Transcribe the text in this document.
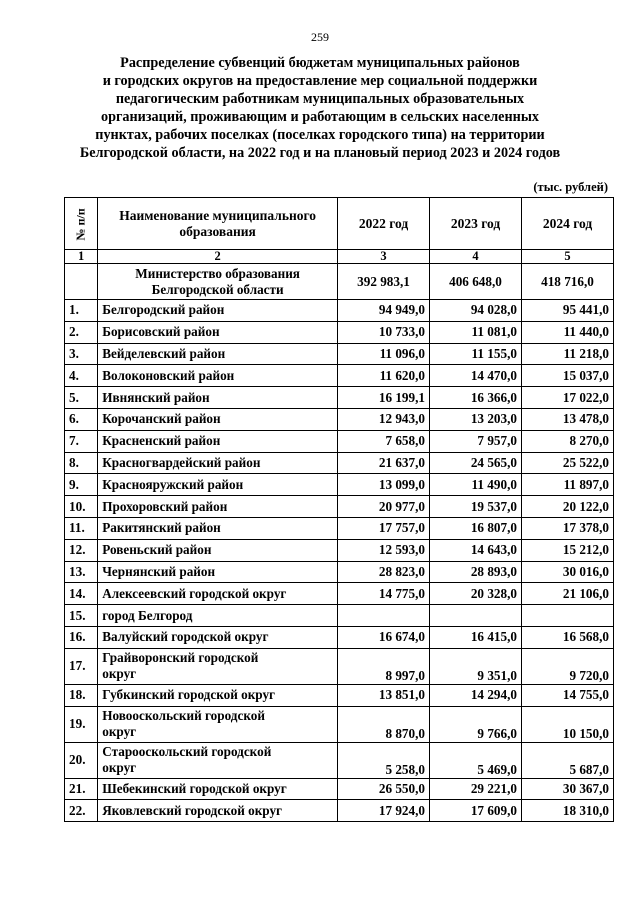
259
Распределение субвенций бюджетам муниципальных районов
и городских округов на предоставление мер социальной поддержки
педагогическим работникам муниципальных образовательных
организаций, проживающим и работающим в сельских населенных
пунктах, рабочих поселках (поселках городского типа) на территории
Белгородской области, на 2022 год и на плановый период 2023 и 2024 годов
(тыс. рублей)
№ п/п	Наименование муниципального
образования	2022 год	2023 год	2024 год
1	2	3	4	5

	Министерство образования
Белгородской области	392 983,1	406 648,0	418 716,0
1.	Белгородский район	94 949,0	94 028,0	95 441,0
2.	Борисовский район	10 733,0	11 081,0	11 440,0
3.	Вейделевский район	11 096,0	11 155,0	11 218,0
4.	Волоконовский район	11 620,0	14 470,0	15 037,0
5.	Ивнянский район	16 199,1	16 366,0	17 022,0
6.	Корочанский район	12 943,0	13 203,0	13 478,0
7.	Красненский район	7 658,0	7 957,0	8 270,0
8.	Красногвардейский район	21 637,0	24 565,0	25 522,0
9.	Краснояружский район	13 099,0	11 490,0	11 897,0
10.	Прохоровский район	20 977,0	19 537,0	20 122,0
11.	Ракитянский район	17 757,0	16 807,0	17 378,0
12.	Ровеньский район	12 593,0	14 643,0	15 212,0
13.	Чернянский район	28 823,0	28 893,0	30 016,0
14.	Алексеевский городской округ	14 775,0	20 328,0	21 106,0
15.	город Белгород			

16.	Валуйский городской округ	16 674,0	16 415,0	16 568,0
17.	Грайворонский городской
округ	8 997,0	9 351,0	9 720,0
18.	Губкинский городской округ	13 851,0	14 294,0	14 755,0
19.	Новооскольский городской
округ	8 870,0	9 766,0	10 150,0
20.	Старооскольский городской
округ	5 258,0	5 469,0	5 687,0
21.	Шебекинский городской округ	26 550,0	29 221,0	30 367,0
22.	Яковлевский городской округ	17 924,0	17 609,0	18 310,0
